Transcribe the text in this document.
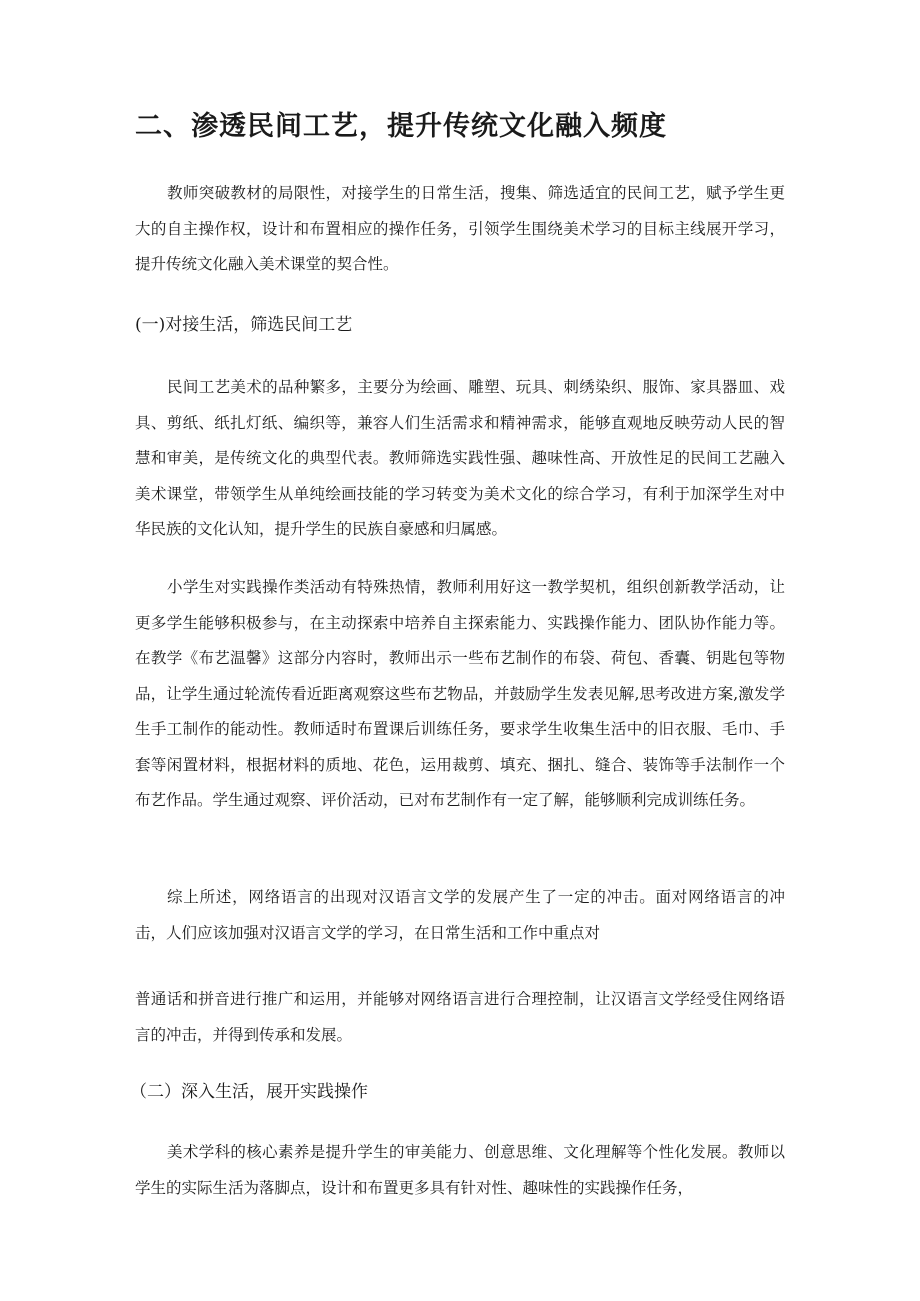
二、渗透民间工艺，提升传统文化融入频度

教师突破教材的局限性，对接学生的日常生活，搜集、筛选适宜的民间工艺，赋予学生更大的自主操作权，设计和布置相应的操作任务，引领学生围绕美术学习的目标主线展开学习，提升传统文化融入美术课堂的契合性。

(一)对接生活，筛选民间工艺

民间工艺美术的品种繁多，主要分为绘画、雕塑、玩具、刺绣染织、服饰、家具器皿、戏具、剪纸、纸扎灯纸、编织等，兼容人们生活需求和精神需求，能够直观地反映劳动人民的智慧和审美，是传统文化的典型代表。教师筛选实践性强、趣味性高、开放性足的民间工艺融入美术课堂，带领学生从单纯绘画技能的学习转变为美术文化的综合学习，有利于加深学生对中华民族的文化认知，提升学生的民族自豪感和归属感。

小学生对实践操作类活动有特殊热情，教师利用好这一教学契机，组织创新教学活动，让更多学生能够积极参与，在主动探索中培养自主探索能力、实践操作能力、团队协作能力等。在教学《布艺温馨》这部分内容时，教师出示一些布艺制作的布袋、荷包、香囊、钥匙包等物品，让学生通过轮流传看近距离观察这些布艺物品，并鼓励学生发表见解,思考改进方案,激发学生手工制作的能动性。教师适时布置课后训练任务，要求学生收集生活中的旧衣服、毛巾、手套等闲置材料，根据材料的质地、花色，运用裁剪、填充、捆扎、缝合、装饰等手法制作一个布艺作品。学生通过观察、评价活动，已对布艺制作有一定了解，能够顺利完成训练任务。

综上所述，网络语言的出现对汉语言文学的发展产生了一定的冲击。面对网络语言的冲击，人们应该加强对汉语言文学的学习，在日常生活和工作中重点对

普通话和拼音进行推广和运用，并能够对网络语言进行合理控制，让汉语言文学经受住网络语言的冲击，并得到传承和发展。

（二）深入生活，展开实践操作

美术学科的核心素养是提升学生的审美能力、创意思维、文化理解等个性化发展。教师以学生的实际生活为落脚点，设计和布置更多具有针对性、趣味性的实践操作任务，
